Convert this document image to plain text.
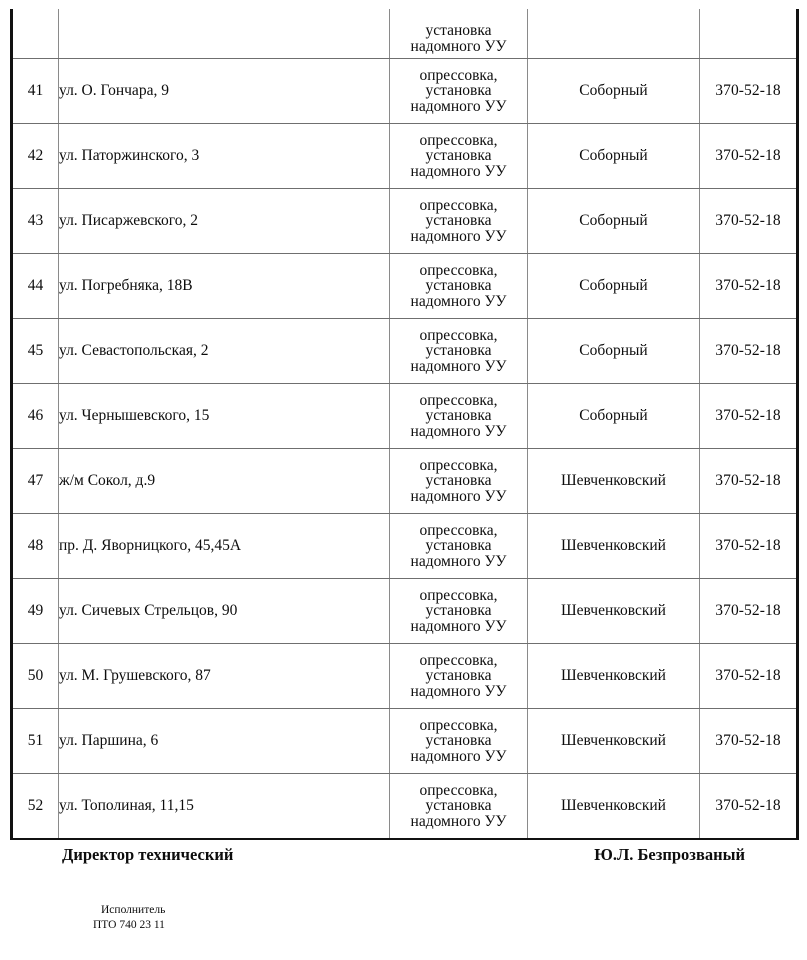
		установка
надомного УУ		

41	ул. О. Гончара, 9	опрессовка,
установка
надомного УУ	Соборный	370-52-18
42	ул. Паторжинского, 3	опрессовка,
установка
надомного УУ	Соборный	370-52-18
43	ул. Писаржевского, 2	опрессовка,
установка
надомного УУ	Соборный	370-52-18
44	ул. Погребняка, 18В	опрессовка,
установка
надомного УУ	Соборный	370-52-18
45	ул. Севастопольская, 2	опрессовка,
установка
надомного УУ	Соборный	370-52-18
46	ул. Чернышевского, 15	опрессовка,
установка
надомного УУ	Соборный	370-52-18
47	ж/м Сокол, д.9	опрессовка,
установка
надомного УУ	Шевченковский	370-52-18
48	пр. Д. Яворницкого, 45,45А	опрессовка,
установка
надомного УУ	Шевченковский	370-52-18
49	ул. Сичевых Стрельцов, 90	опрессовка,
установка
надомного УУ	Шевченковский	370-52-18
50	ул. М. Грушевского, 87	опрессовка,
установка
надомного УУ	Шевченковский	370-52-18
51	ул. Паршина, 6	опрессовка,
установка
надомного УУ	Шевченковский	370-52-18
52	ул. Тополиная, 11,15	опрессовка,
установка
надомного УУ	Шевченковский	370-52-18
Директор технический	Ю.Л. Безпрозваный
Исполнитель
ПТО 740 23 11
